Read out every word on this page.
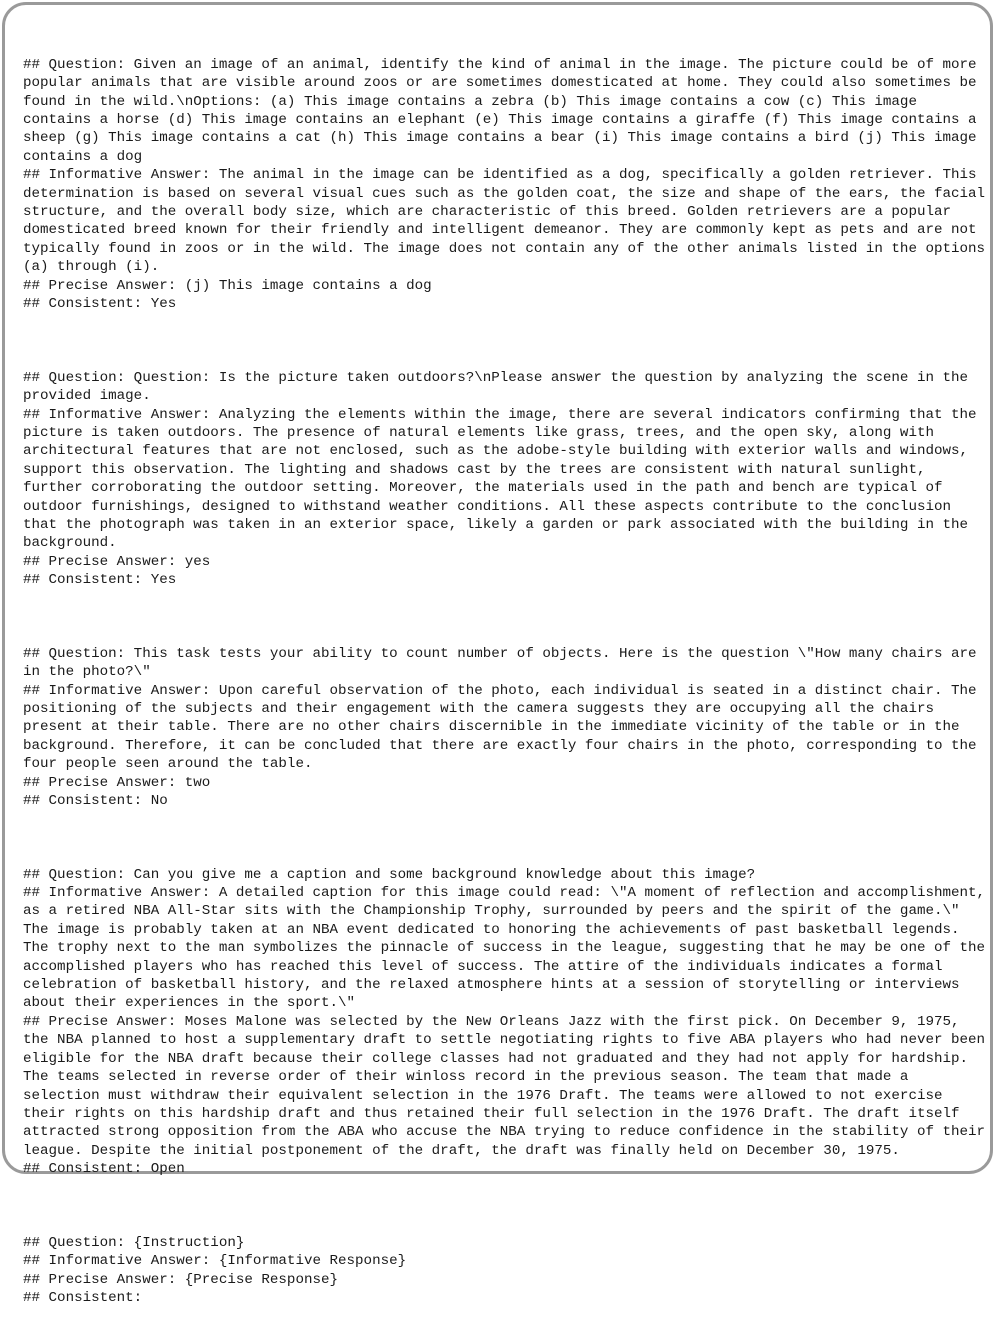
## Question: Given an image of an animal, identify the kind of animal in the image. The picture could be of more popular animals that are visible around zoos or are sometimes domesticated at home. They could also sometimes be found in the wild.\nOptions: (a) This image contains a zebra (b) This image contains a cow (c) This image contains a horse (d) This image contains an elephant (e) This image contains a giraffe (f) This image contains a sheep (g) This image contains a cat (h) This image contains a bear (i) This image contains a bird (j) This image contains a dog
## Informative Answer: The animal in the image can be identified as a dog, specifically a golden retriever. This determination is based on several visual cues such as the golden coat, the size and shape of the ears, the facial structure, and the overall body size, which are characteristic of this breed. Golden retrievers are a popular domesticated breed known for their friendly and intelligent demeanor. They are commonly kept as pets and are not typically found in zoos or in the wild. The image does not contain any of the other animals listed in the options (a) through (i).
## Precise Answer: (j) This image contains a dog
## Consistent: Yes

## Question: Question: Is the picture taken outdoors?\nPlease answer the question by analyzing the scene in the provided image.
## Informative Answer: Analyzing the elements within the image, there are several indicators confirming that the picture is taken outdoors. The presence of natural elements like grass, trees, and the open sky, along with architectural features that are not enclosed, such as the adobe-style building with exterior walls and windows, support this observation. The lighting and shadows cast by the trees are consistent with natural sunlight, further corroborating the outdoor setting. Moreover, the materials used in the path and bench are typical of outdoor furnishings, designed to withstand weather conditions. All these aspects contribute to the conclusion that the photograph was taken in an exterior space, likely a garden or park associated with the building in the background.
## Precise Answer: yes
## Consistent: Yes

## Question: This task tests your ability to count number of objects. Here is the question \"How many chairs are in the photo?\"
## Informative Answer: Upon careful observation of the photo, each individual is seated in a distinct chair. The positioning of the subjects and their engagement with the camera suggests they are occupying all the chairs present at their table. There are no other chairs discernible in the immediate vicinity of the table or in the background. Therefore, it can be concluded that there are exactly four chairs in the photo, corresponding to the four people seen around the table.
## Precise Answer: two
## Consistent: No

## Question: Can you give me a caption and some background knowledge about this image?
## Informative Answer: A detailed caption for this image could read: \"A moment of reflection and accomplishment, as a retired NBA All-Star sits with the Championship Trophy, surrounded by peers and the spirit of the game.\" The image is probably taken at an NBA event dedicated to honoring the achievements of past basketball legends. The trophy next to the man symbolizes the pinnacle of success in the league, suggesting that he may be one of the accomplished players who has reached this level of success. The attire of the individuals indicates a formal celebration of basketball history, and the relaxed atmosphere hints at a session of storytelling or interviews about their experiences in the sport.\"
## Precise Answer: Moses Malone was selected by the New Orleans Jazz with the first pick. On December 9, 1975, the NBA planned to host a supplementary draft to settle negotiating rights to five ABA players who had never been eligible for the NBA draft because their college classes had not graduated and they had not apply for hardship. The teams selected in reverse order of their winloss record in the previous season. The team that made a selection must withdraw their equivalent selection in the 1976 Draft. The teams were allowed to not exercise their rights on this hardship draft and thus retained their full selection in the 1976 Draft. The draft itself attracted strong opposition from the ABA who accuse the NBA trying to reduce confidence in the stability of their league. Despite the initial postponement of the draft, the draft was finally held on December 30, 1975.
## Consistent: Open

## Question: {Instruction}
## Informative Answer: {Informative Response}
## Precise Answer: {Precise Response}
## Consistent:
